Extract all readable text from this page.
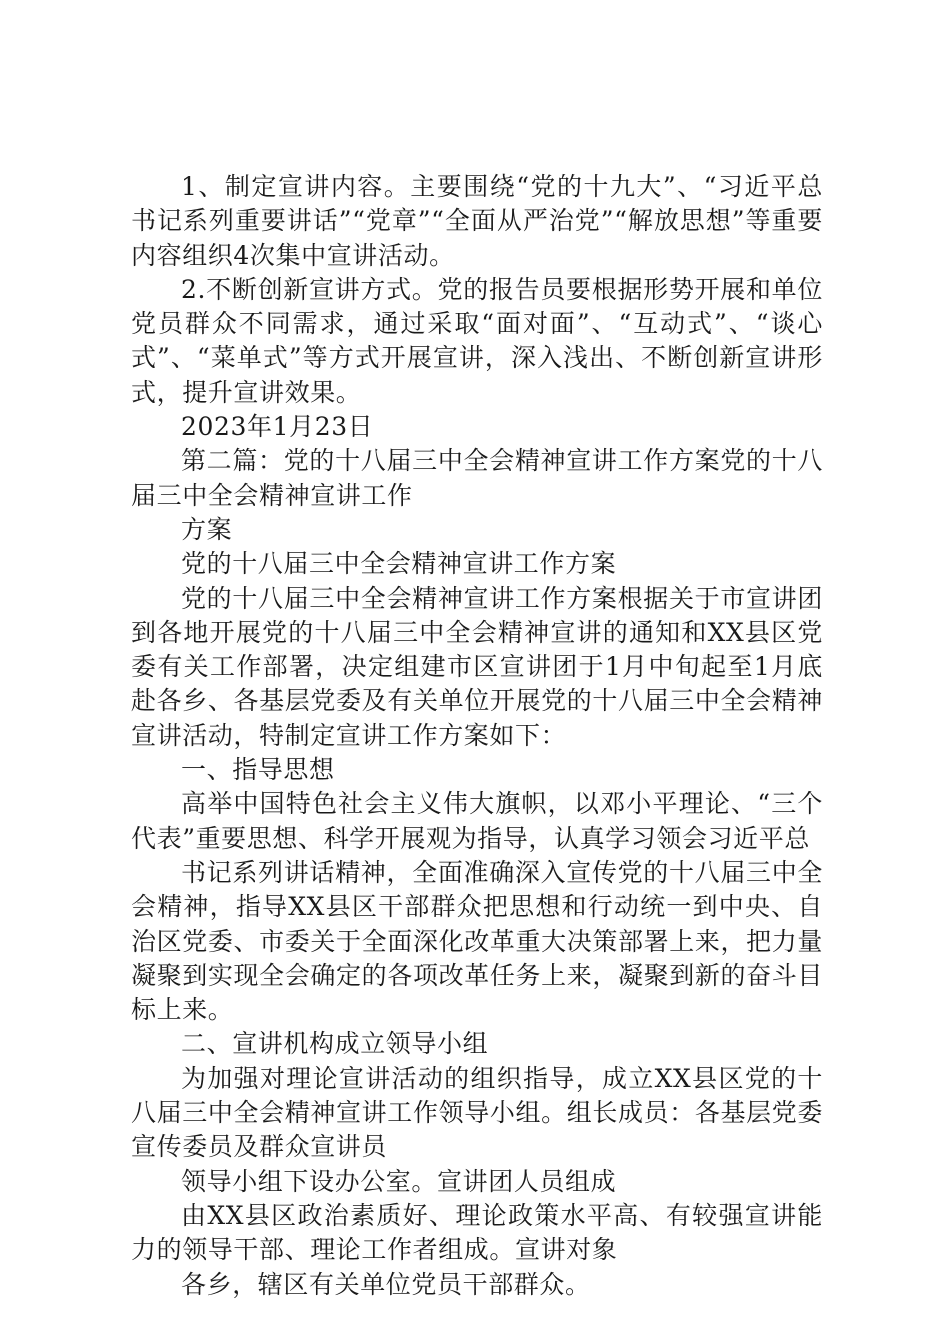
1、制定宣讲内容。主要围绕“党的十九大”、“习近平总书记系列重要讲话”“党章”“全面从严治党”“解放思想”等重要内容组织4次集中宣讲活动。

2.不断创新宣讲方式。党的报告员要根据形势开展和单位党员群众不同需求，通过采取“面对面”、“互动式”、“谈心式”、“菜单式”等方式开展宣讲，深入浅出、不断创新宣讲形式，提升宣讲效果。

2023年1月23日

第二篇：党的十八届三中全会精神宣讲工作方案党的十八届三中全会精神宣讲工作

方案

党的十八届三中全会精神宣讲工作方案

党的十八届三中全会精神宣讲工作方案根据关于市宣讲团到各地开展党的十八届三中全会精神宣讲的通知和XX县区党委有关工作部署，决定组建市区宣讲团于1月中旬起至1月底赴各乡、各基层党委及有关单位开展党的十八届三中全会精神宣讲活动，特制定宣讲工作方案如下：

一、指导思想

高举中国特色社会主义伟大旗帜，以邓小平理论、“三个代表”重要思想、科学开展观为指导，认真学习领会习近平总

书记系列讲话精神，全面准确深入宣传党的十八届三中全会精神，指导XX县区干部群众把思想和行动统一到中央、自治区党委、市委关于全面深化改革重大决策部署上来，把力量凝聚到实现全会确定的各项改革任务上来，凝聚到新的奋斗目标上来。

二、宣讲机构成立领导小组

为加强对理论宣讲活动的组织指导，成立XX县区党的十八届三中全会精神宣讲工作领导小组。组长成员：各基层党委宣传委员及群众宣讲员

领导小组下设办公室。宣讲团人员组成

由XX县区政治素质好、理论政策水平高、有较强宣讲能力的领导干部、理论工作者组成。宣讲对象

各乡，辖区有关单位党员干部群众。
